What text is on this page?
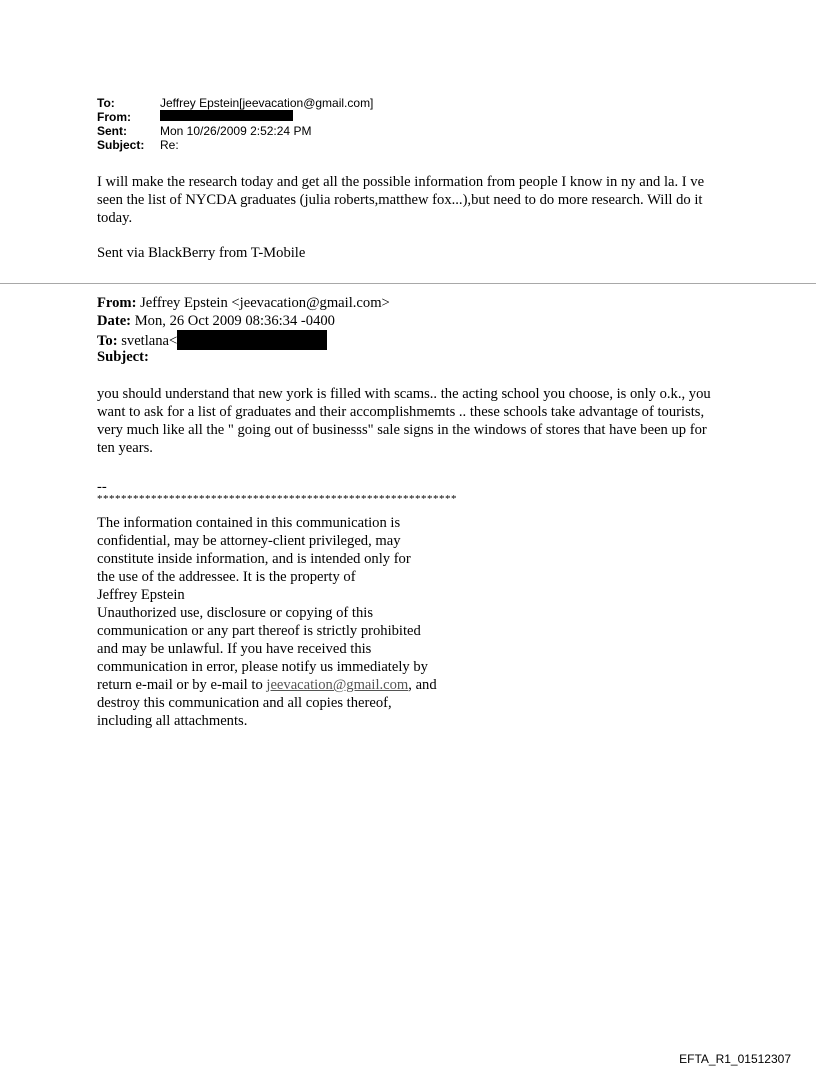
To:	Jeffrey Epstein[jeevacation@gmail.com]
From:
Sent:	Mon 10/26/2009 2:52:24 PM
Subject:	Re:

I will make the research today and get all the possible information from people I know in ny and la. I ve seen the list of NYCDA graduates (julia roberts,matthew fox...),but need to do more research. Will do it today.

Sent via BlackBerry from T-Mobile

From: Jeffrey Epstein <jeevacation@gmail.com>
Date: Mon, 26 Oct 2009 08:36:34 -0400
To: svetlana<
Subject:

you should understand that new york is filled with scams.. the acting school you choose, is only o.k., you want to ask for a list of graduates and their accomplishmemts .. these schools take advantage of tourists, very much like all the " going out of businesss" sale signs in the windows of stores that have been up for ten years.

--

************************************************************

The information contained in this communication is
confidential, may be attorney-client privileged, may
constitute inside information, and is intended only for
the use of the addressee. It is the property of
Jeffrey Epstein
Unauthorized use, disclosure or copying of this
communication or any part thereof is strictly prohibited
and may be unlawful. If you have received this
communication in error, please notify us immediately by
return e-mail or by e-mail to jeevacation@gmail.com, and
destroy this communication and all copies thereof,
including all attachments.
EFTA_R1_01512307
